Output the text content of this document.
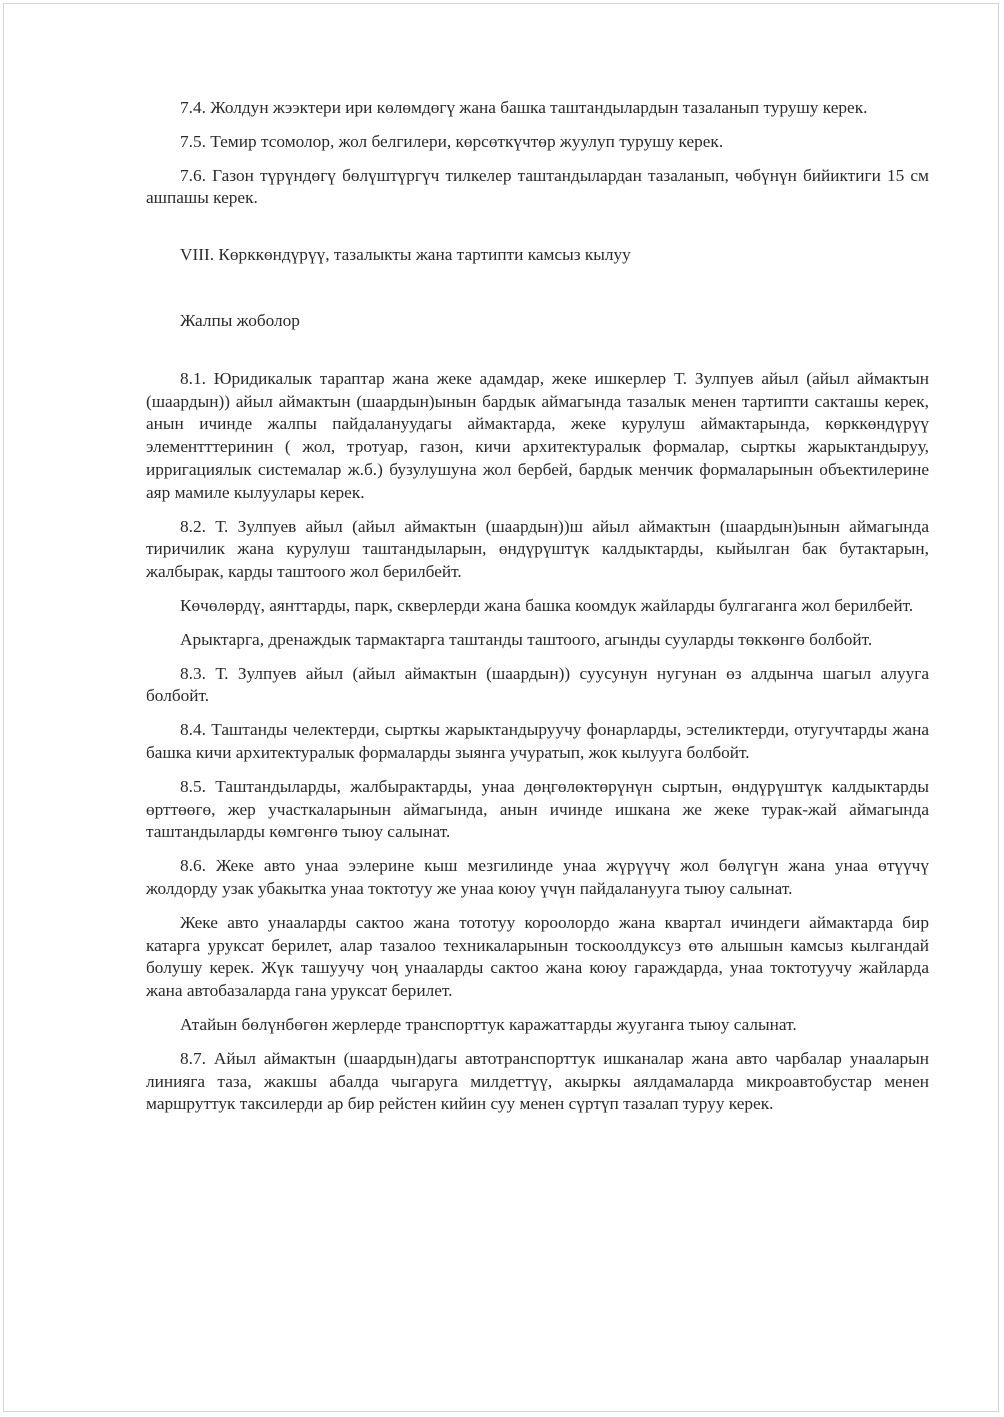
7.4. Жолдун жээктери ири көлөмдөгү жана башка таштандылардын тазаланып турушу керек.

7.5. Темир тсомолор, жол белгилери, көрсөткүчтөр жуулуп турушу керек.

7.6. Газон түрүндөгү бөлүштүргүч тилкелер таштандылардан тазаланып, чөбүнүн бийиктиги 15 см ашпашы керек.

VIII. Көрккөндүрүү, тазалыкты жана тартипти камсыз кылуу

Жалпы жоболор

8.1. Юридикалык тараптар жана жеке адамдар, жеке ишкерлер Т. Зулпуев айыл (айыл аймактын (шаардын)) айыл аймактын (шаардын)ынын бардык аймагында тазалык менен тартипти сакташы керек, анын ичинде жалпы пайдалануудагы аймактарда, жеке курулуш аймактарында, көрккөндүрүү элементттеринин ( жол, тротуар, газон, кичи архитектуралык формалар, сырткы жарыктандыруу, ирригациялык системалар ж.б.) бузулушуна жол бербей, бардык менчик формаларынын объектилерине аяр мамиле кылуулары керек.

8.2. Т. Зулпуев айыл (айыл аймактын (шаардын))ш айыл аймактын (шаардын)ынын аймагында тиричилик жана курулуш таштандыларын, өндүрүштүк калдыктарды, кыйылган бак бутактарын, жалбырак, карды таштоого жол берилбейт.

Көчөлөрдү, аянттарды, парк, скверлерди жана башка коомдук жайларды булгаганга жол берилбейт.

Арыктарга, дренаждык тармактарга таштанды таштоого, агынды сууларды төккөнгө болбойт.

8.3. Т. Зулпуев айыл (айыл аймактын (шаардын)) суусунун нугунан өз алдынча шагыл алууга болбойт.

8.4. Таштанды челектерди, сырткы жарыктандыруучу фонарларды, эстеликтерди, отугучтарды жана башка кичи архитектуралык формаларды зыянга учуратып, жок кылууга болбойт.

8.5. Таштандыларды, жалбырактарды, унаа дөңгөлөктөрүнүн сыртын, өндүрүштүк калдыктарды өрттөөгө, жер участкаларынын аймагында, анын ичинде ишкана же жеке турак-жай аймагында таштандыларды көмгөнгө тыюу салынат.

8.6. Жеке авто унаа ээлерине кыш мезгилинде унаа жүрүүчү жол бөлүгүн жана унаа өтүүчү жолдорду узак убакытка унаа токтотуу же унаа коюу үчүн пайдаланууга тыюу салынат.

Жеке авто унааларды сактоо жана тототуу короолордо жана квартал ичиндеги аймактарда бир катарга уруксат берилет, алар тазалоо техникаларынын тоскоолдуксуз өтө алышын камсыз кылгандай болушу керек. Жүк ташуучу чоң унааларды сактоо жана коюу гараждарда, унаа токтотуучу жайларда жана автобазаларда гана уруксат берилет.

Атайын бөлүнбөгөн жерлерде транспорттук каражаттарды жууганга тыюу салынат.

8.7. Айыл аймактын (шаардын)дагы автотранспорттук ишканалар жана авто чарбалар унааларын линияга таза, жакшы абалда чыгаруга милдеттүү, акыркы аялдамаларда микроавтобустар менен маршруттук таксилерди ар бир рейстен кийин суу менен сүртүп тазалап туруу керек.
